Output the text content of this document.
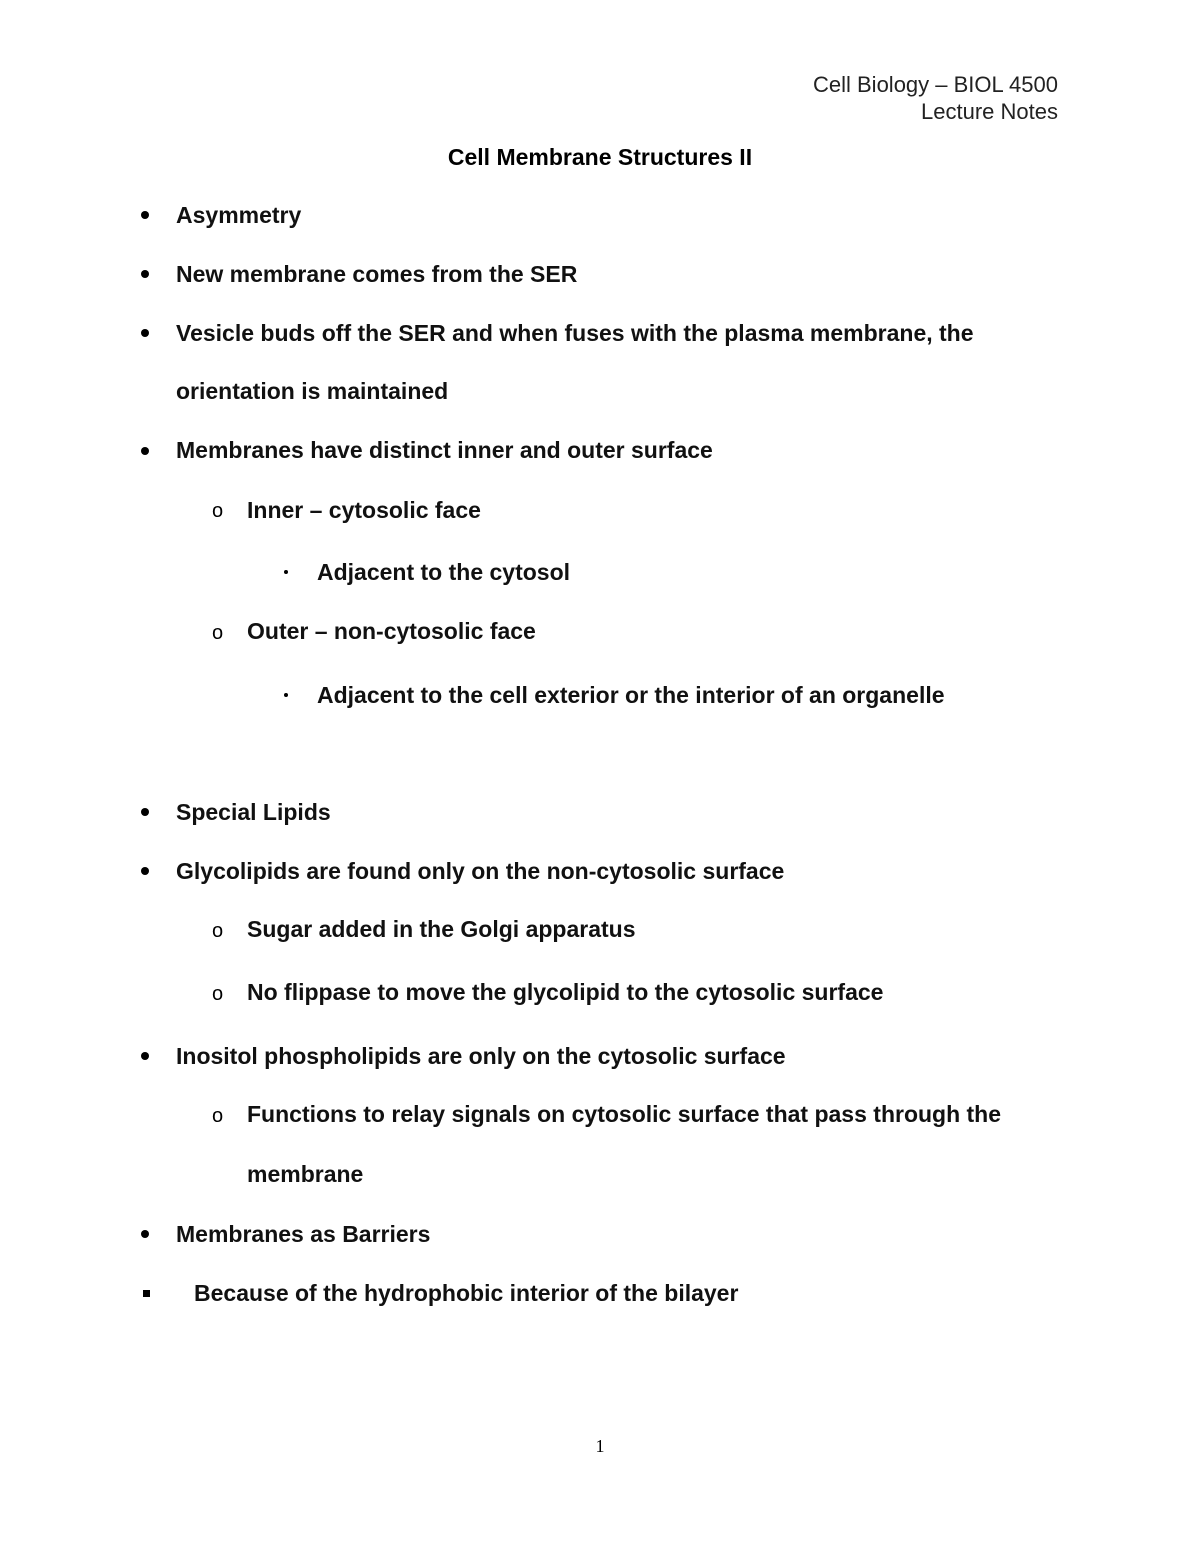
Cell Biology – BIOL 4500
Lecture Notes
Cell Membrane Structures II
Asymmetry
New membrane comes from the SER
Vesicle buds off the SER and when fuses with the plasma membrane, the
orientation is maintained
Membranes have distinct inner and outer surface
o Inner – cytosolic face
Adjacent to the cytosol
o Outer – non-cytosolic face
Adjacent to the cell exterior or the interior of an organelle
Special Lipids
Glycolipids are found only on the non-cytosolic surface
o Sugar added in the Golgi apparatus
o No flippase to move the glycolipid to the cytosolic surface
Inositol phospholipids are only on the cytosolic surface
o Functions to relay signals on cytosolic surface that pass through the
membrane
Membranes as Barriers
Because of the hydrophobic interior of the bilayer
1
